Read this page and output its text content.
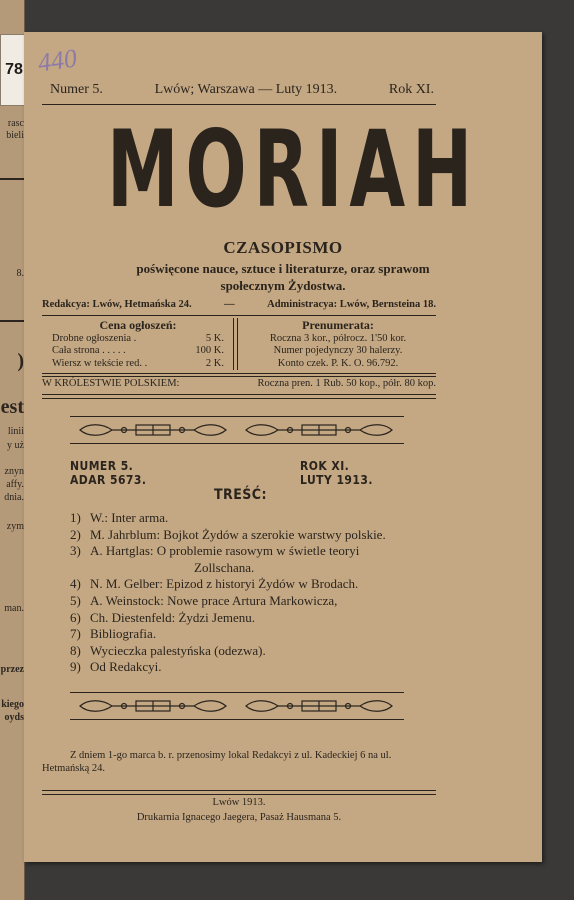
rasc
bieli
8.
)
est
linii
y uż
znyn
affy.
dnia.
zym
man.
przez
kiego
oyds
78 440
Numer 5.	Lwów; Warszawa — Luty 1913.	Rok XI.
MORIAH
CZASOPISMO
poświęcone nauce, sztuce i literaturze, oraz sprawom
społecznym Żydostwa.
Redakcya: Lwów, Hetmańska 24.	—	Administracya: Lwów, Bernsteina 18.
Cena ogłoszeń:
Drobne ogłoszenia .	5 K.
Cała strona . . . . .	100 K.
Wiersz w tekście red. .	2 K.
Prenumerata:
Roczna 3 kor., półrocz. 1'50 kor.
Numer pojedynczy 30 halerzy.
Konto czek. P. K. O. 96.792.
W KRÓLESTWIE POLSKIEM:	Roczna pren. 1 Rub. 50 kop., półr. 80 kop.
NUMER 5.
ADAR 5673.
ROK XI.
LUTY 1913.
TREŚĆ:
1) W.: Inter arma.
2) M. Jahrblum: Bojkot Żydów a szerokie warstwy polskie.
3) A. Hartglas: O problemie rasowym w świetle teoryi
Zollschana.
4) N. M. Gelber: Epizod z historyi Żydów w Brodach.
5) A. Weinstock: Nowe prace Artura Markowicza,
6) Ch. Diestenfeld: Żydzi Jemenu.
7) Bibliografia.
8) Wycieczka palestyńska (odezwa).
9) Od Redakcyi.

Z dniem 1-go marca b. r. przenosimy lokal Redakcyi z ul. Kadeckiej 6 na ul. Hetmańską 24.

Lwów 1913.
Drukarnia Ignacego Jaegera, Pasaż Hausmana 5.
